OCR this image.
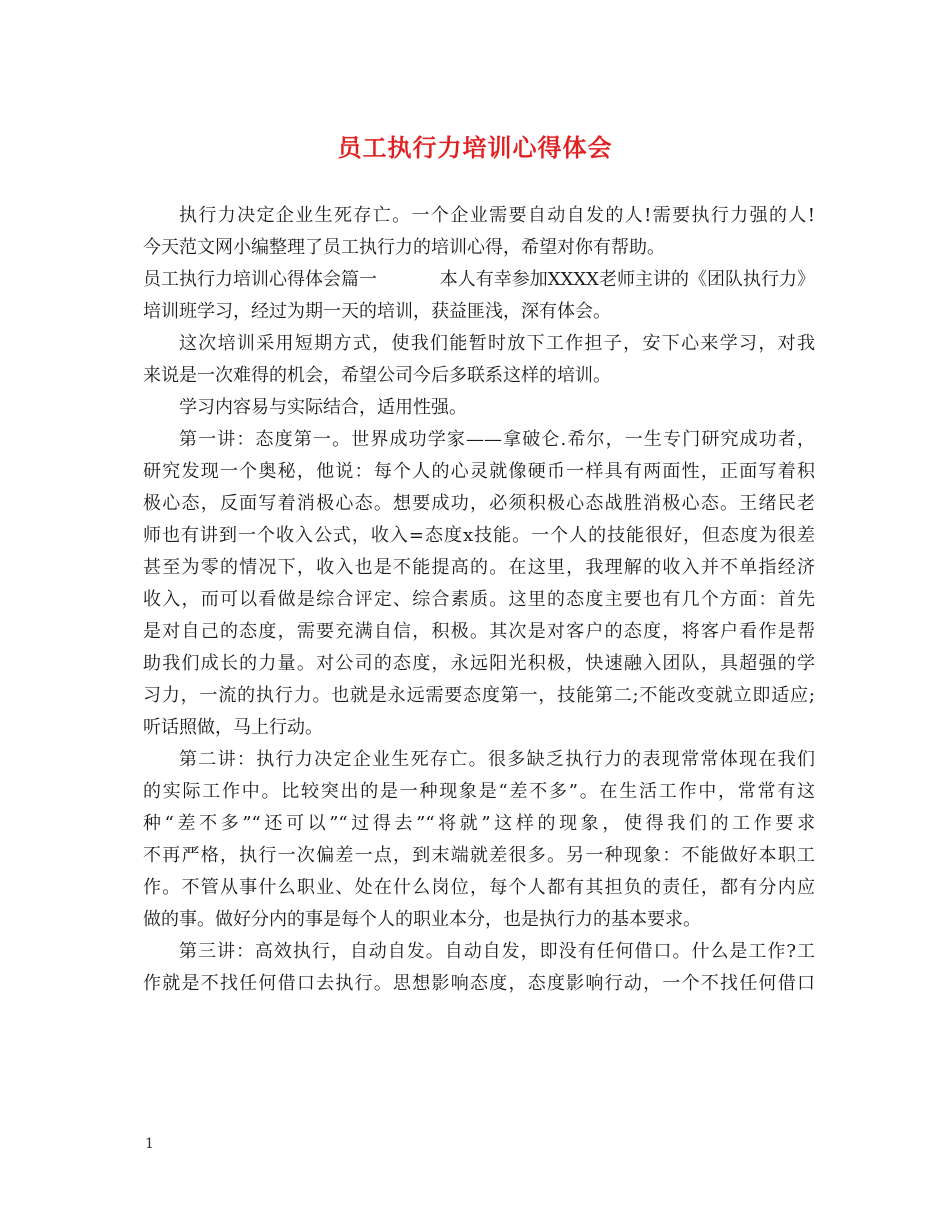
员工执行力培训心得体会
执行力决定企业生死存亡。一个企业需要自动自发的人!需要执行力强的人!
今天范文网小编整理了员工执行力的培训心得，希望对你有帮助。
员工执行力培训心得体会篇一	本人有幸参加XXXX老师主讲的《团队执行力》
培训班学习，经过为期一天的培训，获益匪浅，深有体会。
这次培训采用短期方式，使我们能暂时放下工作担子，安下心来学习，对我
来说是一次难得的机会，希望公司今后多联系这样的培训。
学习内容易与实际结合，适用性强。
第一讲：态度第一。世界成功学家——拿破仑.希尔，一生专门研究成功者，
研究发现一个奥秘，他说：每个人的心灵就像硬币一样具有两面性，正面写着积
极心态，反面写着消极心态。想要成功，必须积极心态战胜消极心态。王绪民老
师也有讲到一个收入公式，收入=态度x技能。一个人的技能很好，但态度为很差
甚至为零的情况下，收入也是不能提高的。在这里，我理解的收入并不单指经济
收入，而可以看做是综合评定、综合素质。这里的态度主要也有几个方面：首先
是对自己的态度，需要充满自信，积极。其次是对客户的态度，将客户看作是帮
助我们成长的力量。对公司的态度，永远阳光积极，快速融入团队，具超强的学
习力，一流的执行力。也就是永远需要态度第一，技能第二;不能改变就立即适应;
听话照做，马上行动。
第二讲：执行力决定企业生死存亡。很多缺乏执行力的表现常常体现在我们
的实际工作中。比较突出的是一种现象是“差不多”。在生活工作中，常常有这
种“差不多”“还可以”“过得去”“将就”这样的现象，使得我们的工作要求
不再严格，执行一次偏差一点，到末端就差很多。另一种现象：不能做好本职工
作。不管从事什么职业、处在什么岗位，每个人都有其担负的责任，都有分内应
做的事。做好分内的事是每个人的职业本分，也是执行力的基本要求。
第三讲：高效执行，自动自发。自动自发，即没有任何借口。什么是工作?工
作就是不找任何借口去执行。思想影响态度，态度影响行动，一个不找任何借口
1
